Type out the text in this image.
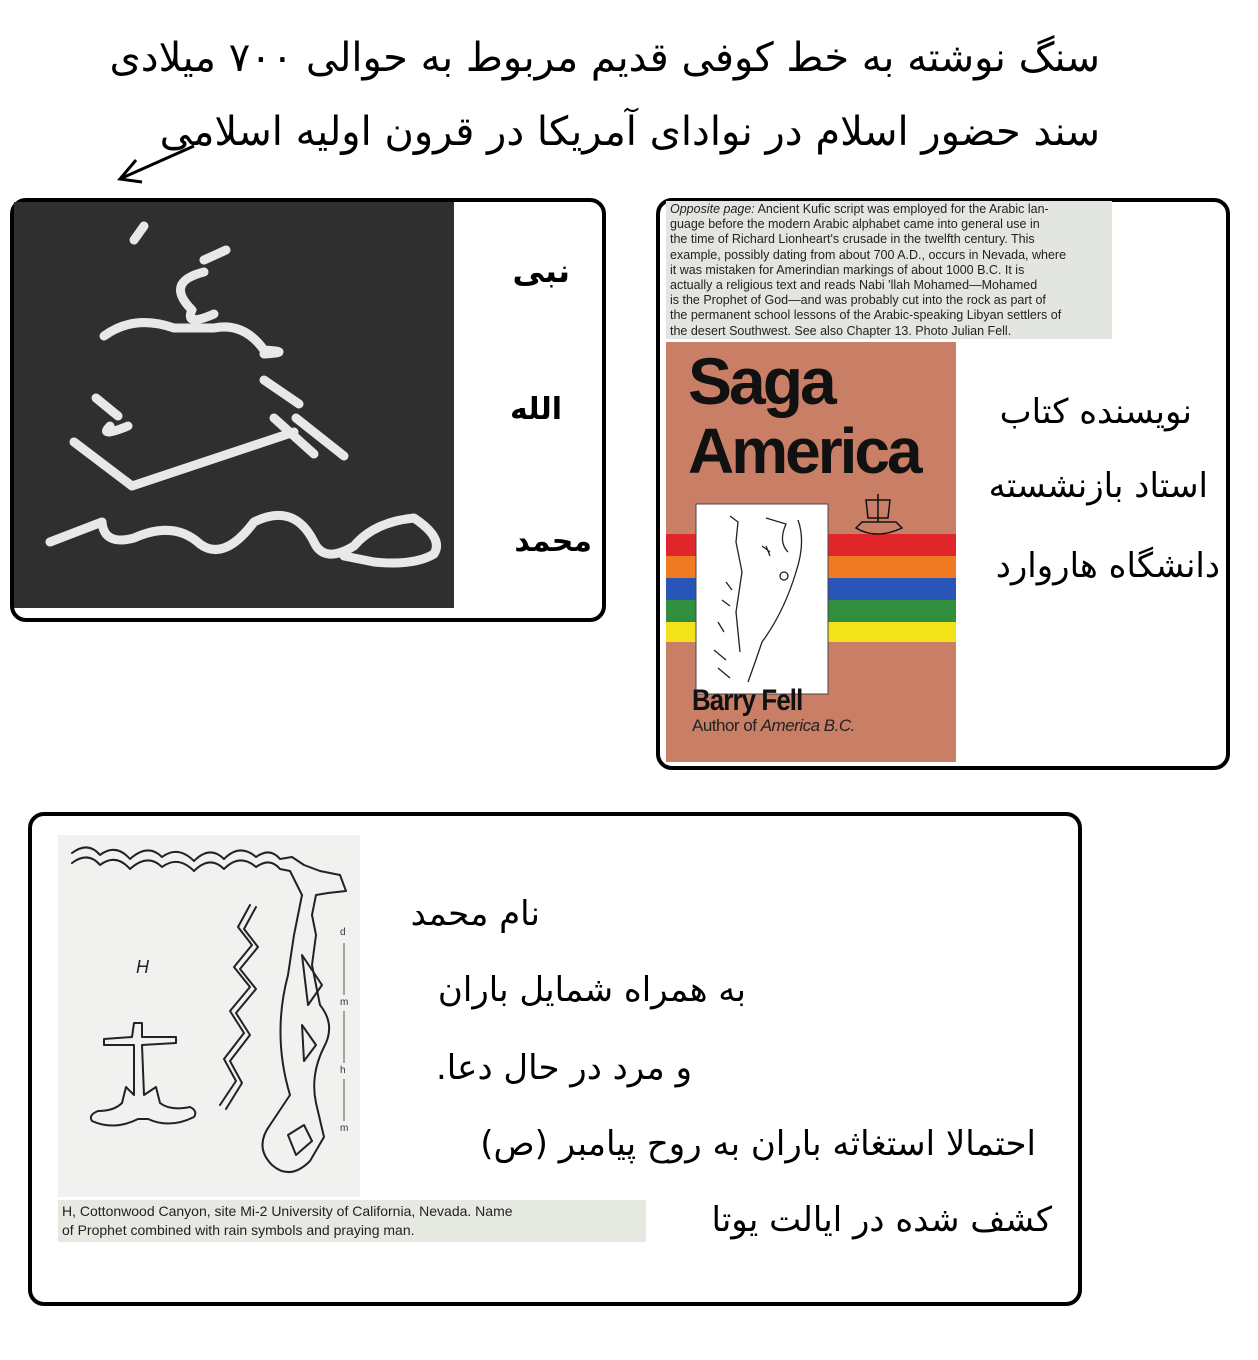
سنگ نوشته به خط کوفی قدیم مربوط به حوالی ۷۰۰ میلادی
سند حضور اسلام در نوادای آمریکا در قرون اولیه اسلامی
نبی
الله
محمد
Opposite page: Ancient Kufic script was employed for the Arabic lan-
guage before the modern Arabic alphabet came into general use in
the time of Richard Lionheart's crusade in the twelfth century. This
example, possibly dating from about 700 A.D., occurs in Nevada, where
it was mistaken for Amerindian markings of about 1000 B.C. It is
actually a religious text and reads Nabi 'llah Mohamed—Mohamed
is the Prophet of God—and was probably cut into the rock as part of
the permanent school lessons of the Arabic-speaking Libyan settlers of
the desert Southwest. See also Chapter 13. Photo Julian Fell.
Saga
America
Barry Fell
Author of America B.C.
نویسنده کتاب
استاد بازنشسته
دانشگاه هاروارد
H
d
m
h
m
H, Cottonwood Canyon, site Mi-2 University of California, Nevada. Name
of Prophet combined with rain symbols and praying man.
نام محمد
به همراه شمایل باران
و مرد در حال دعا.
احتمالا استغاثه باران به روح پیامبر (ص)
کشف شده در ایالت یوتا
